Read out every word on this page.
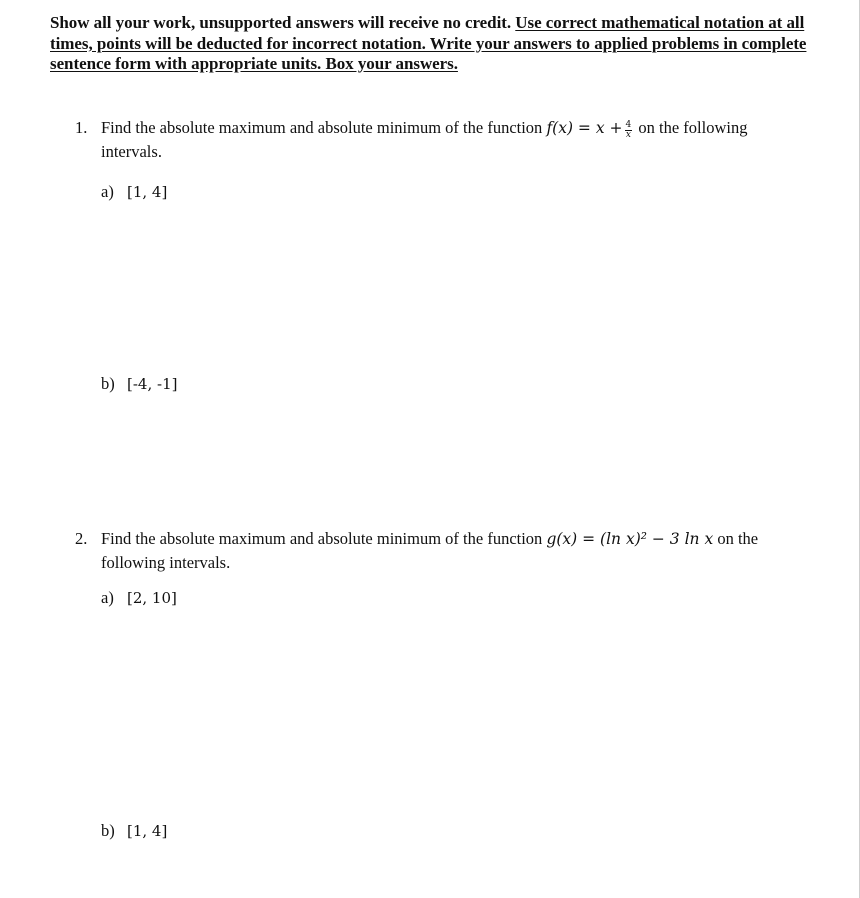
Show all your work, unsupported answers will receive no credit. Use correct mathematical notation at all times, points will be deducted for incorrect notation. Write your answers to applied problems in complete sentence form with appropriate units. Box your answers.
1. Find the absolute maximum and absolute minimum of the function $f(x) = x + \frac{4}{x}$ on the following intervals.
a) [1, 4]
b) [-4, -1]
2. Find the absolute maximum and absolute minimum of the function g(x) = (ln x)² − 3 ln x on the following intervals.
a) [2, 10]
b) [1, 4]
